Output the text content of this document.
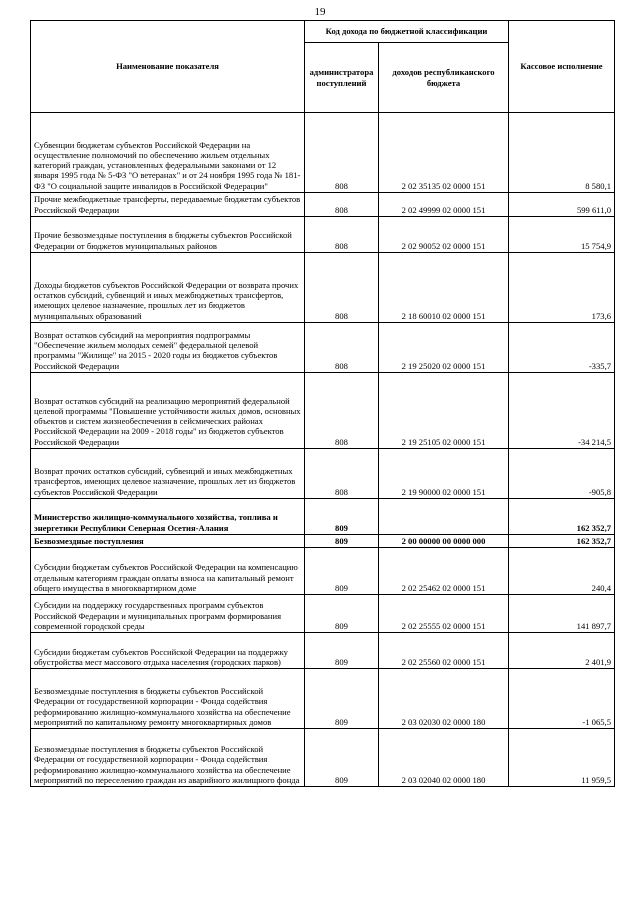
19
Наименование показателя	Код дохода по бюджетной классификации		Кассовое исполнение
	администратора поступлений	доходов республиканского бюджета	
Субвенции бюджетам субъектов Российской Федерации на осуществление полномочий по обеспечению жильем отдельных категорий граждан, установленных федеральными законами от 12 января 1995 года № 5-ФЗ "О ветеранах" и от 24 ноября 1995 года № 181-ФЗ "О социальной защите инвалидов в Российской Федерации"	808	2 02 35135 02 0000 151	8 580,1
Прочие межбюджетные трансферты, передаваемые бюджетам субъектов Российской Федерации	808	2 02 49999 02 0000 151	599 611,0
Прочие безвозмездные поступления в бюджеты субъектов Российской Федерации от бюджетов муниципальных районов	808	2 02 90052 02 0000 151	15 754,9
Доходы бюджетов субъектов Российской Федерации от возврата прочих остатков субсидий, субвенций и иных межбюджетных трансфертов, имеющих целевое назначение, прошлых лет из бюджетов муниципальных образований	808	2 18 60010 02 0000 151	173,6
Возврат остатков субсидий на мероприятия подпрограммы "Обеспечение жильем молодых семей" федеральной целевой программы "Жилище" на 2015 - 2020 годы из бюджетов субъектов Российской Федерации	808	2 19 25020 02 0000 151	-335,7
Возврат остатков субсидий на реализацию мероприятий федеральной целевой программы "Повышение устойчивости жилых домов, основных объектов и систем жизнеобеспечения в сейсмических районах Российской Федерации на 2009 - 2018 годы" из бюджетов субъектов Российской Федерации	808	2 19 25105 02 0000 151	-34 214,5
Возврат прочих остатков субсидий, субвенций и иных межбюджетных трансфертов, имеющих целевое назначение, прошлых лет из бюджетов субъектов Российской Федерации	808	2 19 90000 02 0000 151	-905,8
Министерство жилищно-коммунального хозяйства, топлива и энергетики Республики Северная Осетия-Алания	809		162 352,7
Безвозмездные поступления	809	2 00 00000 00 0000 000	162 352,7
Субсидии бюджетам субъектов Российской Федерации на компенсацию отдельным категориям граждан оплаты взноса на капитальный ремонт общего имущества в многоквартирном доме	809	2 02 25462 02 0000 151	240,4
Субсидии на поддержку государственных программ субъектов Российской Федерации и муниципальных программ формирования современной городской среды	809	2 02 25555 02 0000 151	141 897,7
Субсидии бюджетам субъектов Российской Федерации на поддержку обустройства мест массового отдыха населения (городских парков)	809	2 02 25560 02 0000 151	2 401,9
Безвозмездные поступления в бюджеты субъектов Российской Федерации от государственной корпорации - Фонда содействия реформированию жилищно-коммунального хозяйства на обеспечение мероприятий по капитальному ремонту многоквартирных домов	809	2 03 02030 02 0000 180	-1 065,5
Безвозмездные поступления в бюджеты субъектов Российской Федерации от государственной корпорации - Фонда содействия реформированию жилищно-коммунального хозяйства на обеспечение мероприятий по переселению граждан из аварийного жилищного фонда	809	2 03 02040 02 0000 180	11 959,5
